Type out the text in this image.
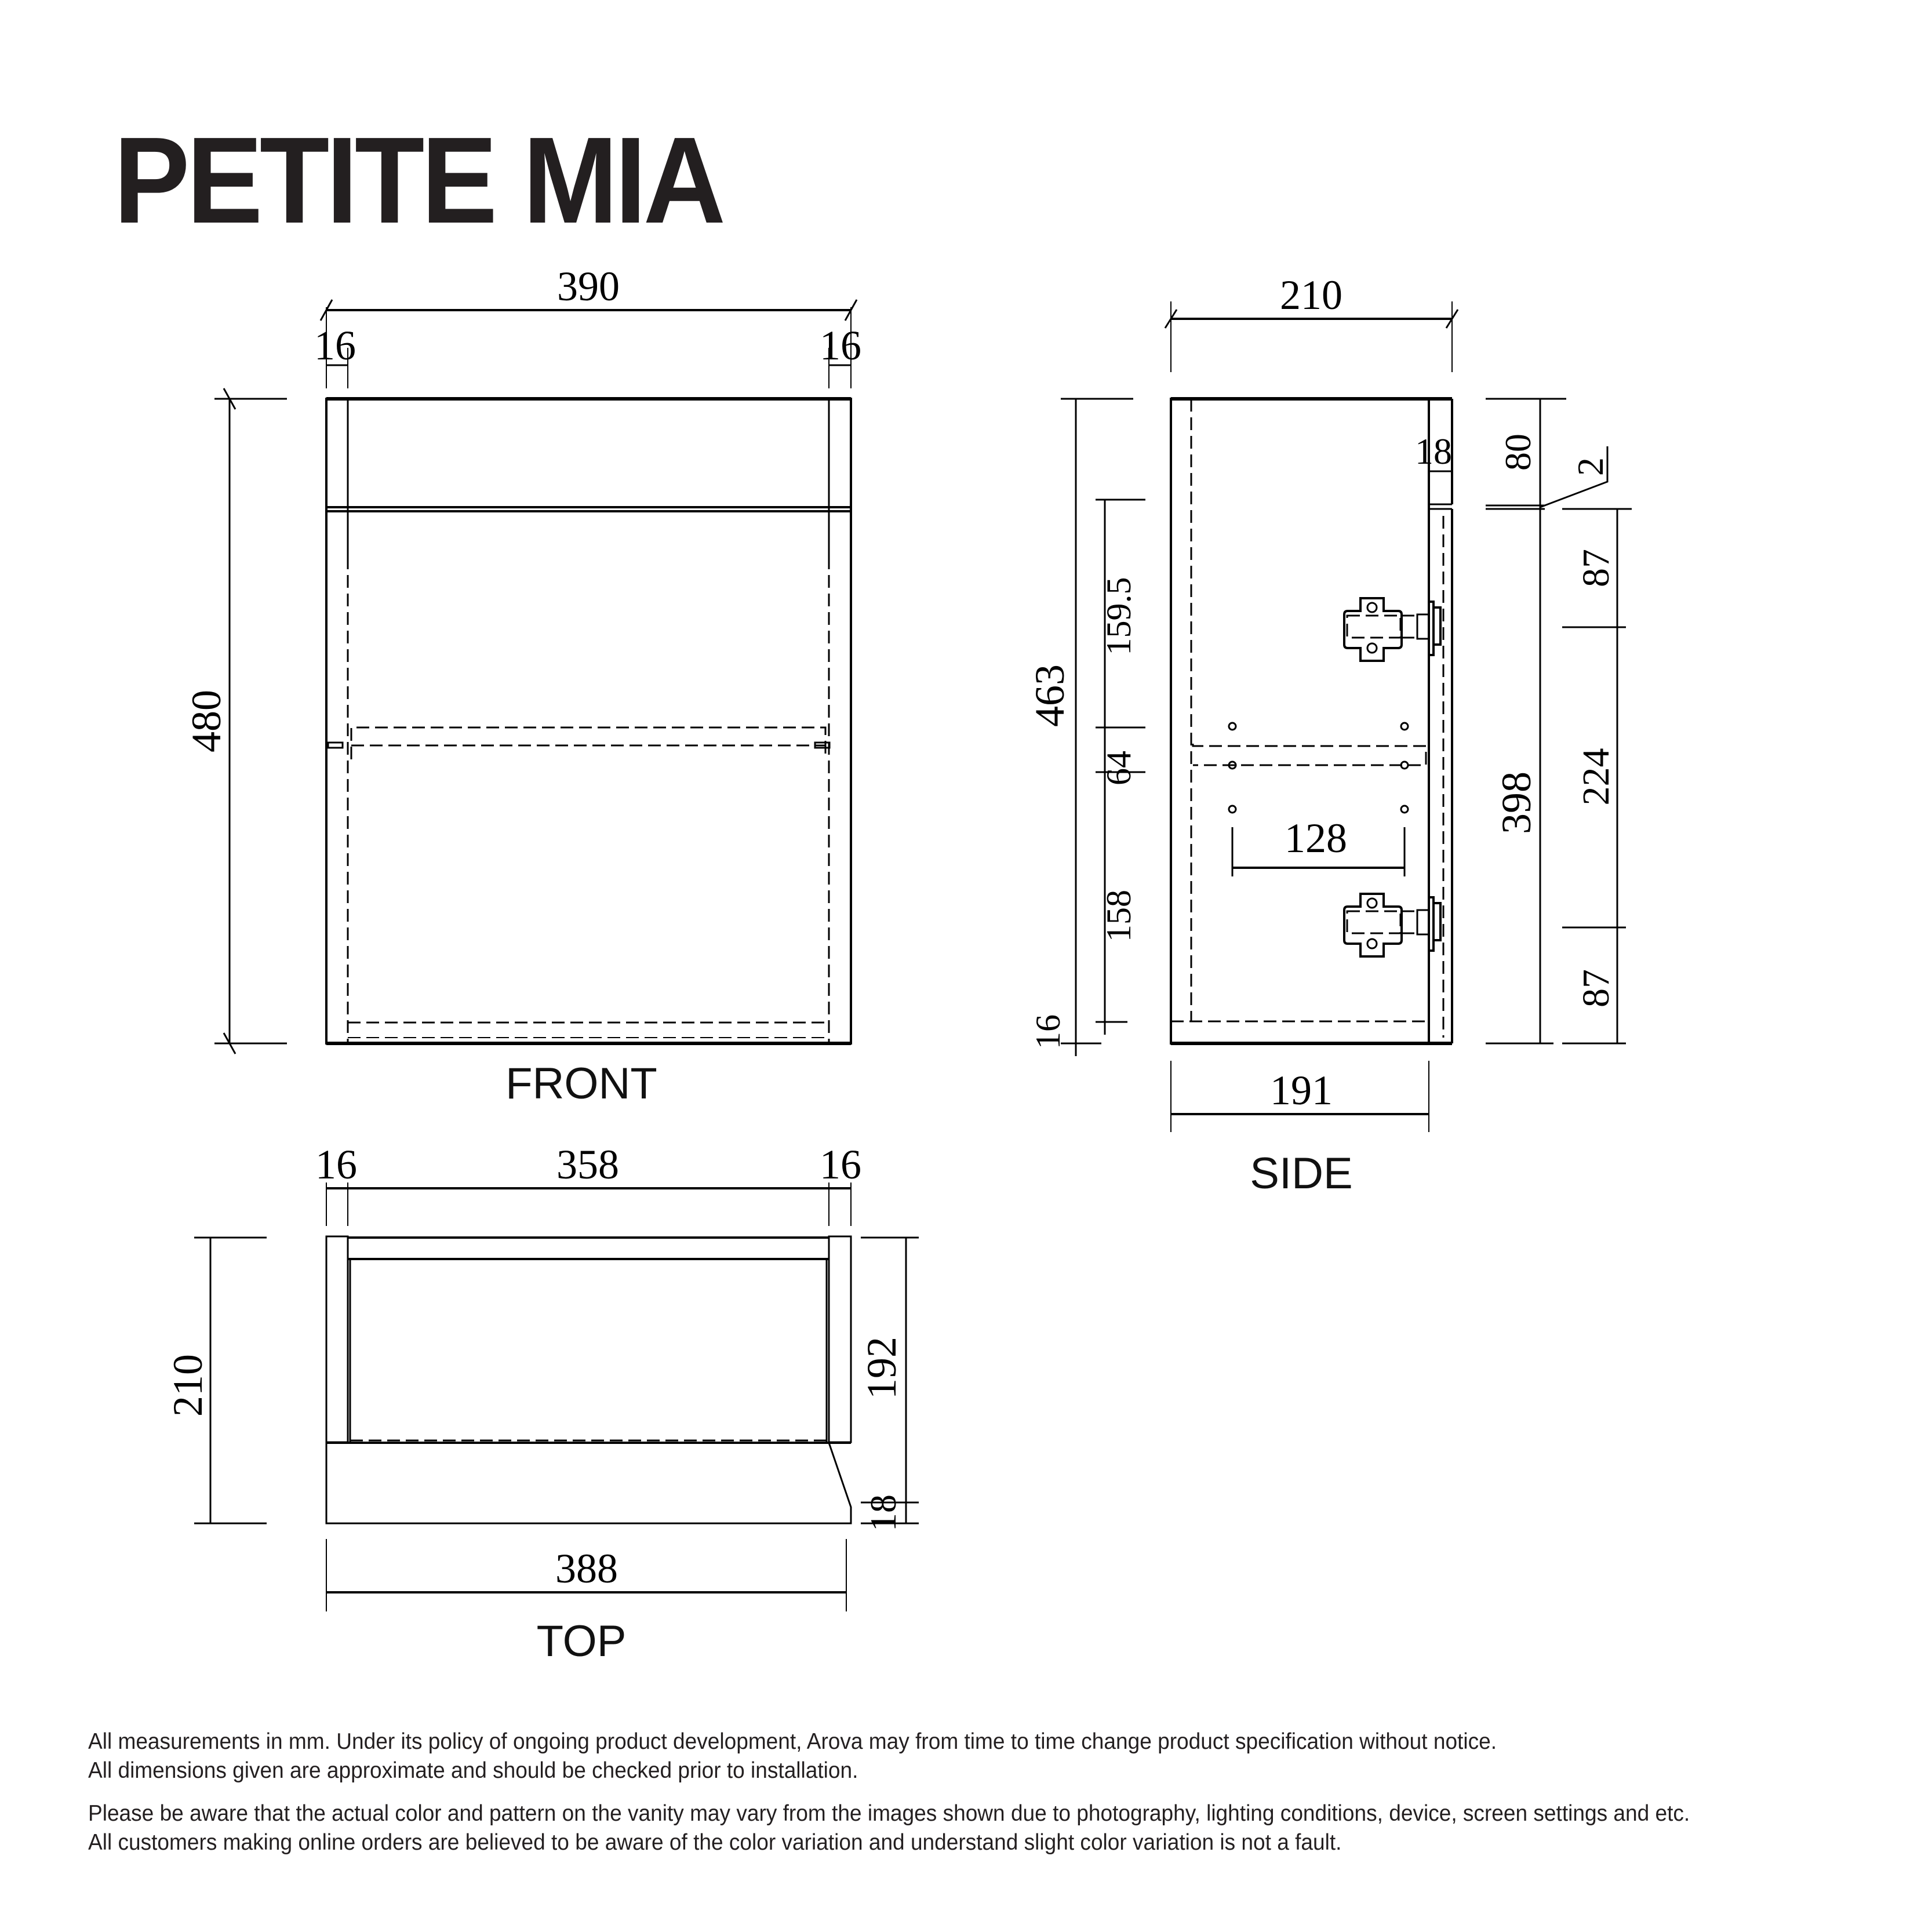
PETITE MIA
390
16	16
480
FRONT
210
18 80 2
463
159.5
64
158
16
398
87
224
87
128
191
SIDE
16	358	16
210	192
18
388
TOP

All measurements in mm. Under its policy of ongoing product development, Arova may from time to time change product specification without notice.
All dimensions given are approximate and should be checked prior to installation.

Please be aware that the actual color and pattern on the vanity may vary from the images shown due to photography, lighting conditions, device, screen settings and etc.
All customers making online orders are believed to be aware of the color variation and understand slight color variation is not a fault.
